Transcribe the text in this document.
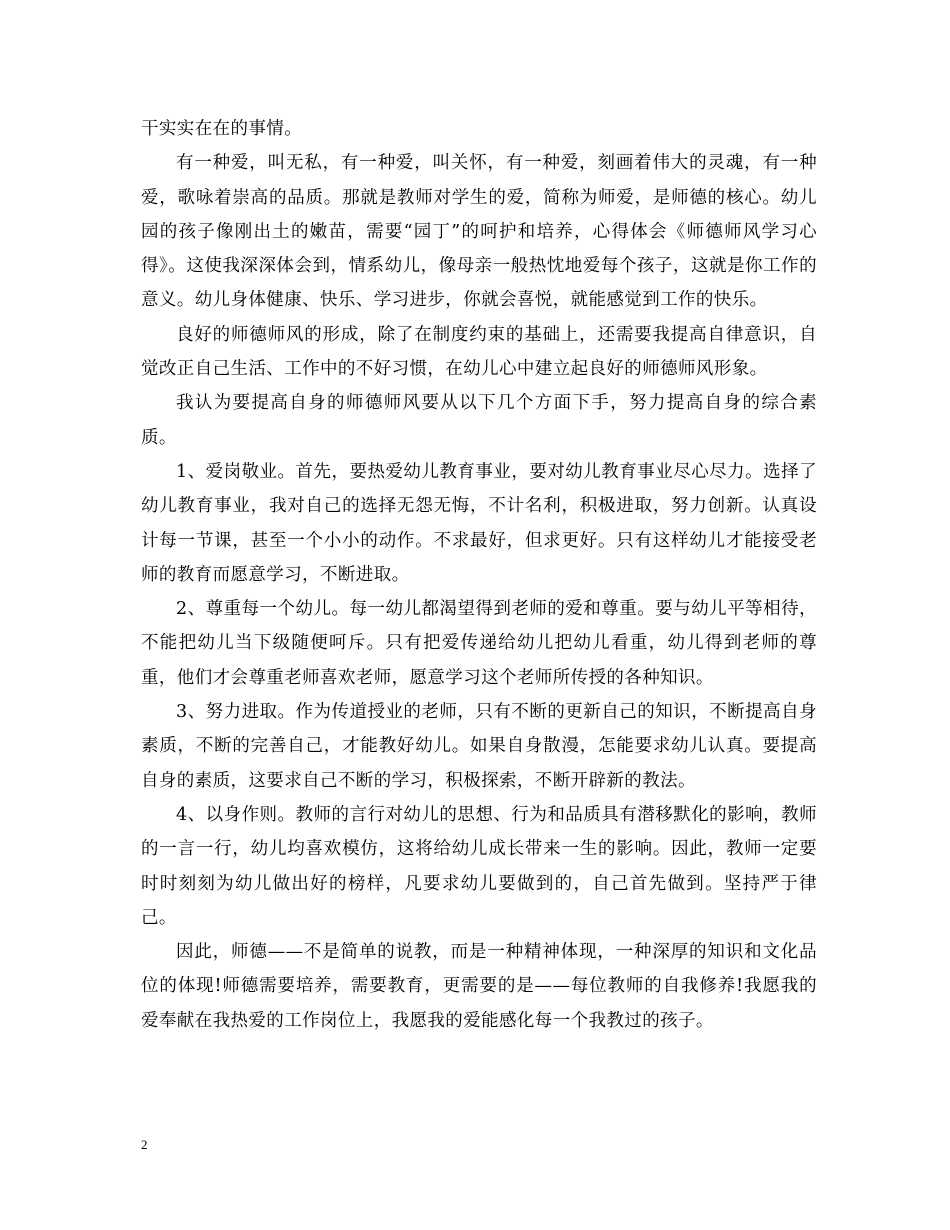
干实实在在的事情。

有一种爱，叫无私，有一种爱，叫关怀，有一种爱，刻画着伟大的灵魂，有一种爱，歌咏着崇高的品质。那就是教师对学生的爱，简称为师爱，是师德的核心。幼儿园的孩子像刚出土的嫩苗，需要“园丁”的呵护和培养，心得体会《师德师风学习心得》。这使我深深体会到，情系幼儿，像母亲一般热忱地爱每个孩子，这就是你工作的意义。幼儿身体健康、快乐、学习进步，你就会喜悦，就能感觉到工作的快乐。

良好的师德师风的形成，除了在制度约束的基础上，还需要我提高自律意识，自觉改正自己生活、工作中的不好习惯，在幼儿心中建立起良好的师德师风形象。

我认为要提高自身的师德师风要从以下几个方面下手，努力提高自身的综合素质。

1、爱岗敬业。首先，要热爱幼儿教育事业，要对幼儿教育事业尽心尽力。选择了幼儿教育事业，我对自己的选择无怨无悔，不计名利，积极进取，努力创新。认真设计每一节课，甚至一个小小的动作。不求最好，但求更好。只有这样幼儿才能接受老师的教育而愿意学习，不断进取。

2、尊重每一个幼儿。每一幼儿都渴望得到老师的爱和尊重。要与幼儿平等相待，不能把幼儿当下级随便呵斥。只有把爱传递给幼儿把幼儿看重，幼儿得到老师的尊重，他们才会尊重老师喜欢老师，愿意学习这个老师所传授的各种知识。

3、努力进取。作为传道授业的老师，只有不断的更新自己的知识，不断提高自身素质，不断的完善自己，才能教好幼儿。如果自身散漫，怎能要求幼儿认真。要提高自身的素质，这要求自己不断的学习，积极探索，不断开辟新的教法。

4、以身作则。教师的言行对幼儿的思想、行为和品质具有潜移默化的影响，教师的一言一行，幼儿均喜欢模仿，这将给幼儿成长带来一生的影响。因此，教师一定要时时刻刻为幼儿做出好的榜样，凡要求幼儿要做到的，自己首先做到。坚持严于律己。

因此，师德——不是简单的说教，而是一种精神体现，一种深厚的知识和文化品位的体现!师德需要培养，需要教育，更需要的是——每位教师的自我修养!我愿我的爱奉献在我热爱的工作岗位上，我愿我的爱能感化每一个我教过的孩子。

2
